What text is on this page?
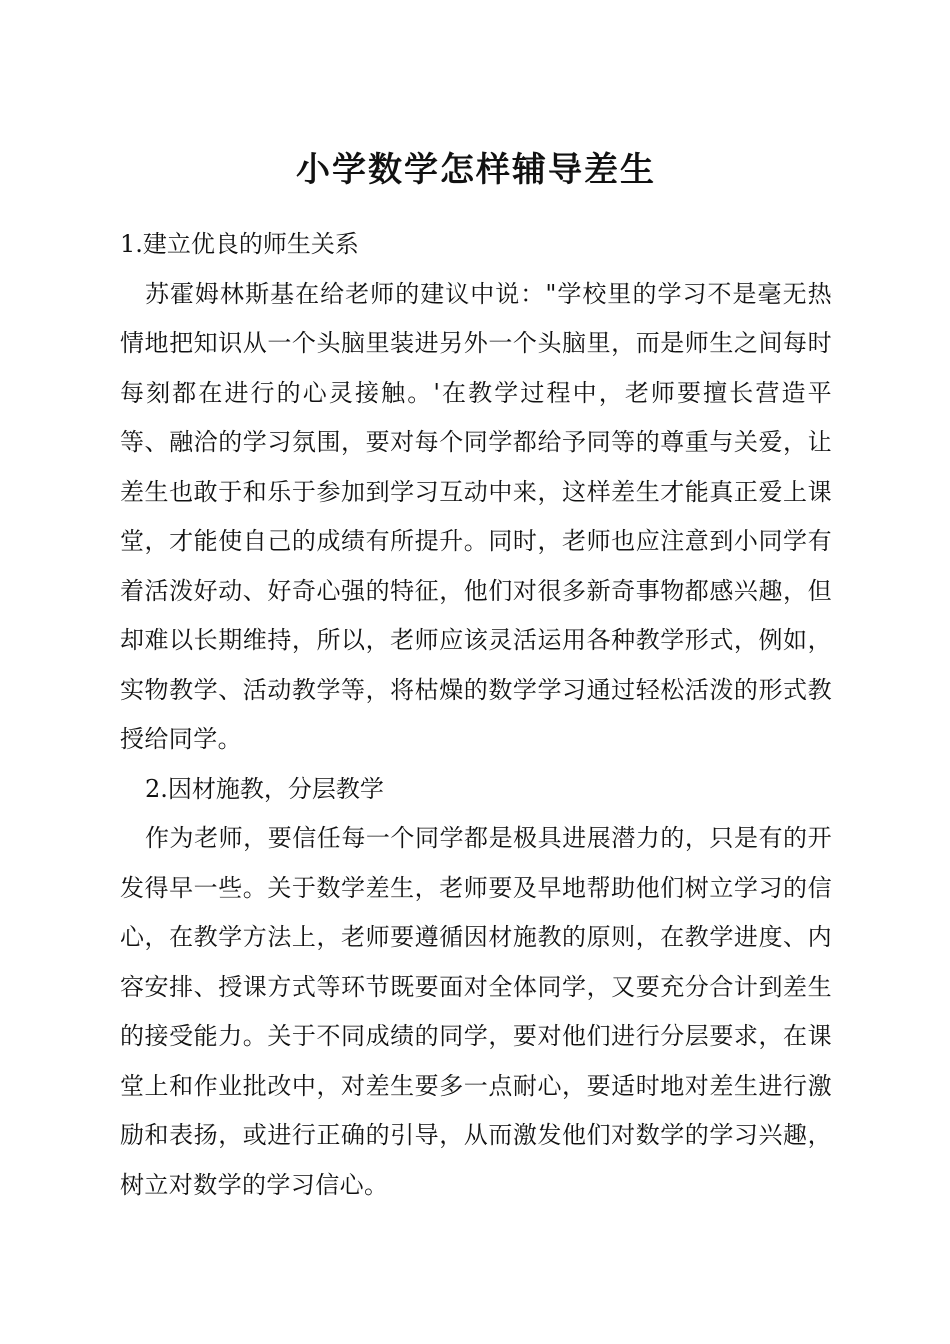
小学数学怎样辅导差生

1.建立优良的师生关系

苏霍姆林斯基在给老师的建议中说："学校里的学习不是毫无热情地把知识从一个头脑里装进另外一个头脑里，而是师生之间每时每刻都在进行的心灵接触。'在教学过程中，老师要擅长营造平等、融洽的学习氛围，要对每个同学都给予同等的尊重与关爱，让差生也敢于和乐于参加到学习互动中来，这样差生才能真正爱上课堂，才能使自己的成绩有所提升。同时，老师也应注意到小同学有着活泼好动、好奇心强的特征，他们对很多新奇事物都感兴趣，但却难以长期维持，所以，老师应该灵活运用各种教学形式，例如，实物教学、活动教学等，将枯燥的数学学习通过轻松活泼的形式教授给同学。

2.因材施教，分层教学

作为老师，要信任每一个同学都是极具进展潜力的，只是有的开发得早一些。关于数学差生，老师要及早地帮助他们树立学习的信心，在教学方法上，老师要遵循因材施教的原则，在教学进度、内容安排、授课方式等环节既要面对全体同学，又要充分合计到差生的接受能力。关于不同成绩的同学，要对他们进行分层要求，在课堂上和作业批改中，对差生要多一点耐心，要适时地对差生进行激励和表扬，或进行正确的引导，从而激发他们对数学的学习兴趣，树立对数学的学习信心。
